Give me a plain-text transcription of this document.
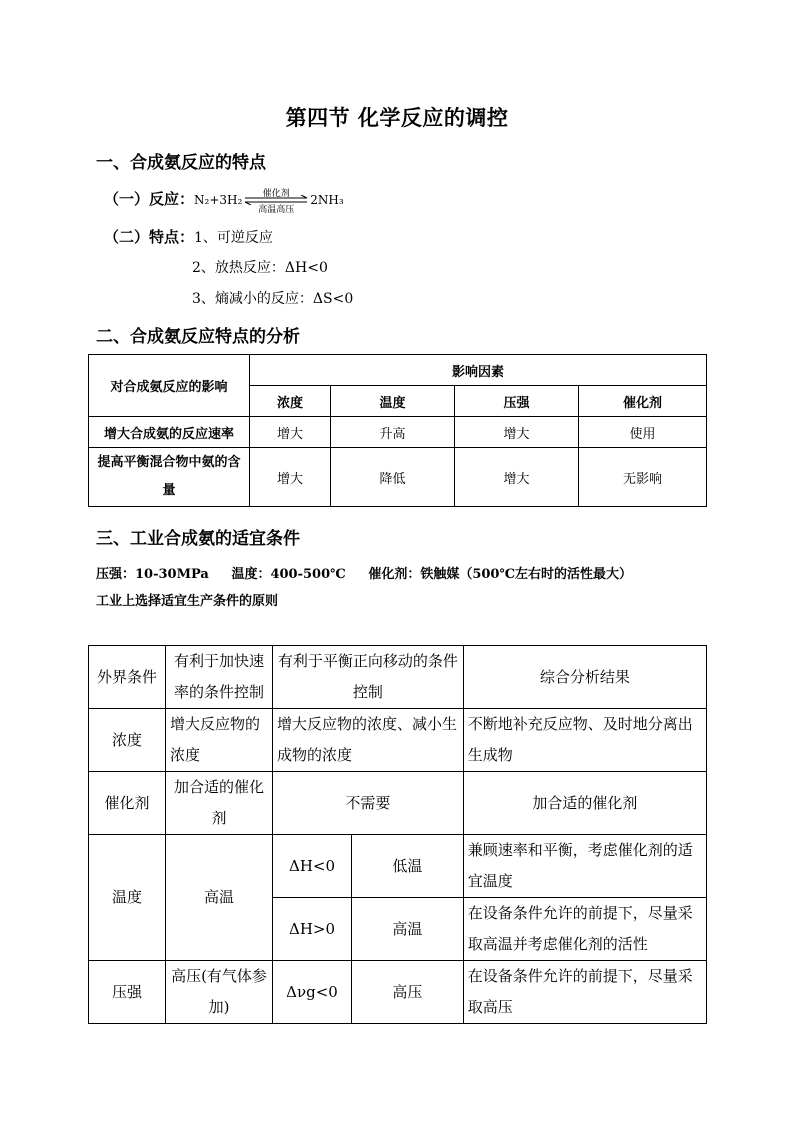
第四节 化学反应的调控
一、合成氨反应的特点
（一）反应：N₂+3H₂	催化剂
高温高压
2NH₃
（二）特点：1、可逆反应
2、放热反应：ΔH<0
3、熵减小的反应：ΔS<0
二、合成氨反应特点的分析
对合成氨反应的影响	影响因素			
	浓度	温度	压强	催化剂
增大合成氨的反应速率	增大	升高	增大	使用
提高平衡混合物中氨的含量	增大	降低	增大	无影响
三、工业合成氨的适宜条件
压强：10-30MPa     温度：400-500℃     催化剂：铁触媒（500℃左右时的活性最大）
工业上选择适宜生产条件的原则
外界条件	有利于加快速率的条件控制	有利于平衡正向移动的条件控制		综合分析结果
浓度	增大反应物的浓度	增大反应物的浓度、减小生成物的浓度		不断地补充反应物、及时地分离出生成物
催化剂	加合适的催化剂	不需要		加合适的催化剂
温度	高温	ΔH<0	低温	兼顾速率和平衡，考虑催化剂的适宜温度
		ΔH>0	高温	在设备条件允许的前提下，尽量采取高温并考虑催化剂的活性
压强	高压(有气体参加)	Δνg<0	高压	在设备条件允许的前提下，尽量采取高压
